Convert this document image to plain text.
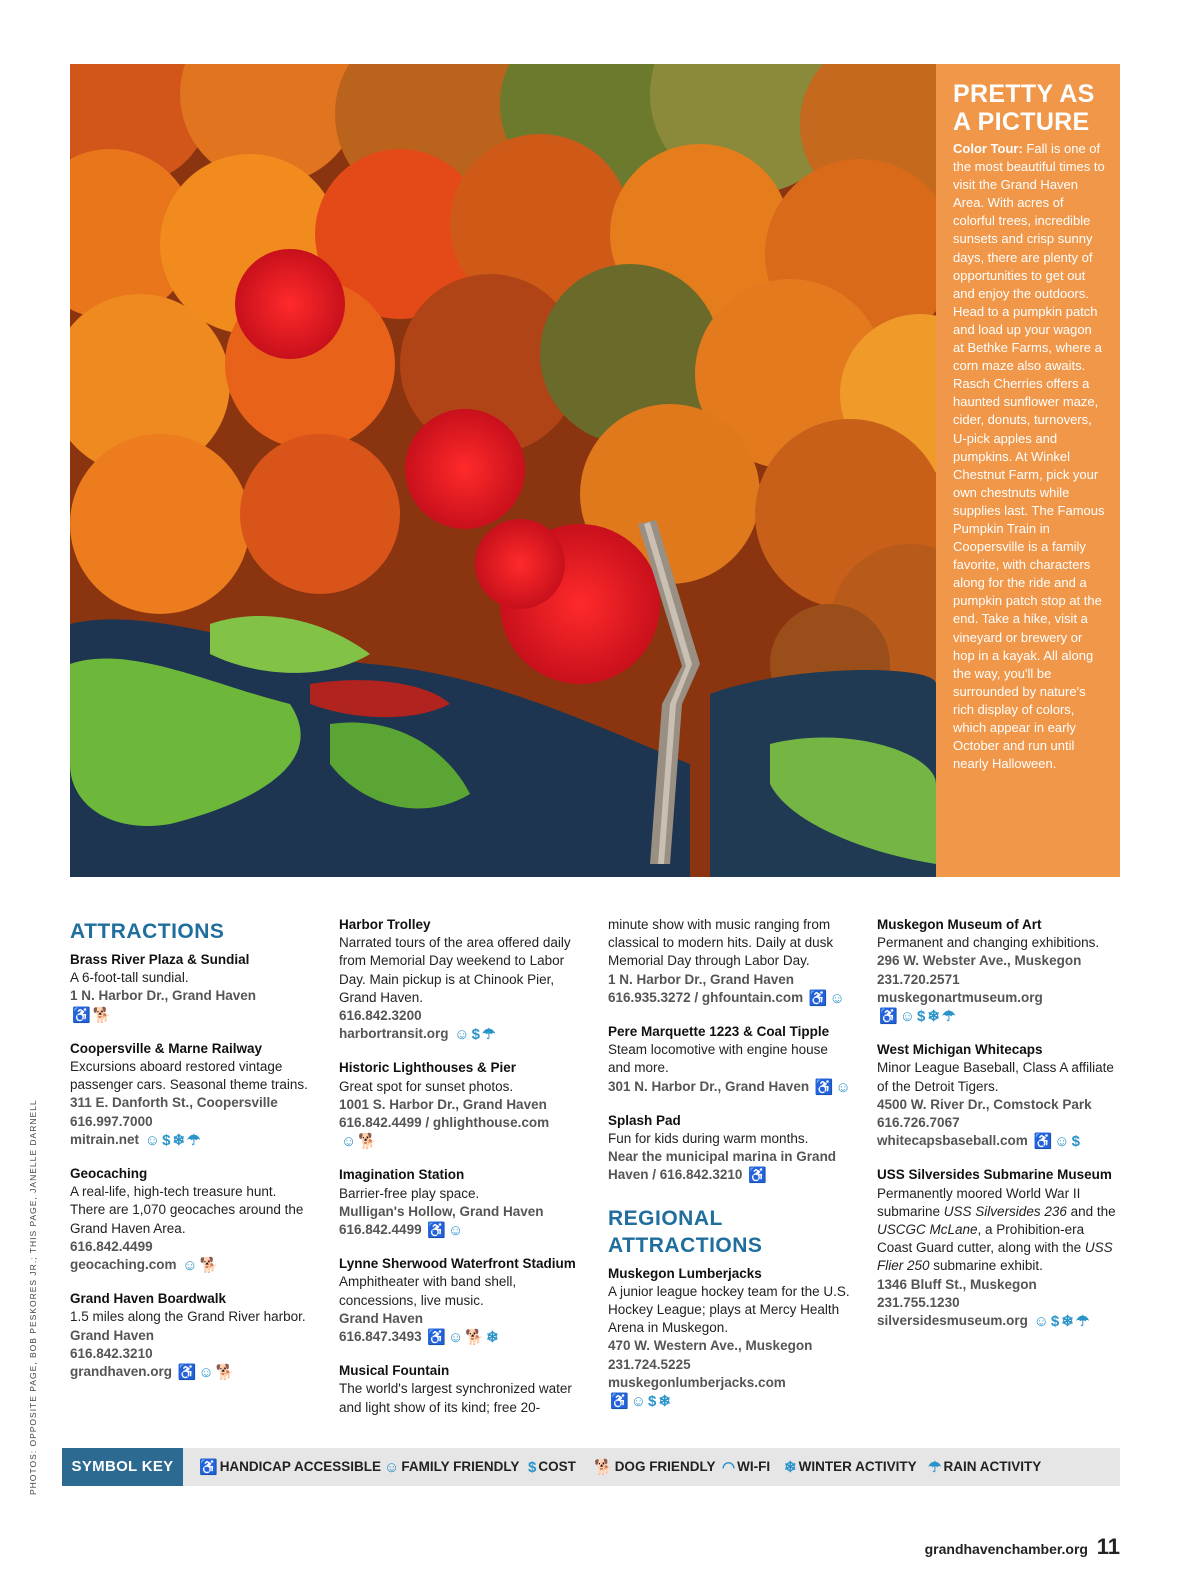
PRETTY AS A PICTURE

Color Tour: Fall is one of the most beautiful times to visit the Grand Haven Area. With acres of colorful trees, incredible sunsets and crisp sunny days, there are plenty of opportunities to get out and enjoy the outdoors. Head to a pumpkin patch and load up your wagon at Bethke Farms, where a corn maze also awaits. Rasch Cherries offers a haunted sunflower maze, cider, donuts, turnovers, U-pick apples and pumpkins. At Winkel Chestnut Farm, pick your own chestnuts while supplies last. The Famous Pumpkin Train in Coopersville is a family favorite, with characters along for the ride and a pumpkin patch stop at the end. Take a hike, visit a vineyard or brewery or hop in a kayak. All along the way, you'll be surrounded by nature's rich display of colors, which appear in early October and run until nearly Halloween.

PHOTOS: OPPOSITE PAGE, BOB PESKORES JR.; THIS PAGE, JANELLE DARNELL
ATTRACTIONS
Brass River Plaza & Sundial
A 6-foot-tall sundial.
1 N. Harbor Dr., Grand Haven
♿ 🐕
Coopersville & Marne Railway
Excursions aboard restored vintage passenger cars. Seasonal theme trains.
311 E. Danforth St., Coopersville
616.997.7000
mitrain.net ☺ $ ❄ ☂
Geocaching
A real-life, high-tech treasure hunt. There are 1,070 geocaches around the Grand Haven Area.
616.842.4499
geocaching.com ☺ 🐕
Grand Haven Boardwalk
1.5 miles along the Grand River harbor.
Grand Haven
616.842.3210
grandhaven.org ♿ ☺ 🐕
Harbor Trolley
Narrated tours of the area offered daily from Memorial Day weekend to Labor Day. Main pickup is at Chinook Pier, Grand Haven.
616.842.3200
harbortransit.org ☺ $ ☂
Historic Lighthouses & Pier
Great spot for sunset photos.
1001 S. Harbor Dr., Grand Haven
616.842.4499 / ghlighthouse.com
☺ 🐕
Imagination Station
Barrier-free play space.
Mulligan's Hollow, Grand Haven
616.842.4499 ♿ ☺
Lynne Sherwood Waterfront Stadium
Amphitheater with band shell, concessions, live music.
Grand Haven
616.847.3493 ♿ ☺ 🐕 ❄
Musical Fountain
The world's largest synchronized water and light show of its kind; free 20-
minute show with music ranging from classical to modern hits. Daily at dusk Memorial Day through Labor Day.
1 N. Harbor Dr., Grand Haven
616.935.3272 / ghfountain.com ♿ ☺
Pere Marquette 1223 & Coal Tipple
Steam locomotive with engine house and more.
301 N. Harbor Dr., Grand Haven ♿ ☺
Splash Pad
Fun for kids during warm months.
Near the municipal marina in Grand Haven / 616.842.3210 ♿
REGIONAL
ATTRACTIONS
Muskegon Lumberjacks
A junior league hockey team for the U.S. Hockey League; plays at Mercy Health Arena in Muskegon.
470 W. Western Ave., Muskegon
231.724.5225
muskegonlumberjacks.com
♿ ☺ $ ❄
Muskegon Museum of Art
Permanent and changing exhibitions.
296 W. Webster Ave., Muskegon
231.720.2571
muskegonartmuseum.org
♿ ☺ $ ❄ ☂
West Michigan Whitecaps
Minor League Baseball, Class A affiliate of the Detroit Tigers.
4500 W. River Dr., Comstock Park
616.726.7067
whitecapsbaseball.com ♿ ☺ $
USS Silversides Submarine Museum
Permanently moored World War II submarine USS Silversides 236 and the USCGC McLane, a Prohibition-era Coast Guard cutter, along with the USS Flier 250 submarine exhibit.
1346 Bluff St., Muskegon
231.755.1230
silversidesmuseum.org ☺ $ ❄ ☂
SYMBOL KEY	♿ HANDICAP ACCESSIBLE ☺ FAMILY FRIENDLY $ COST 🐕 DOG FRIENDLY ◠ WI-FI ❄ WINTER ACTIVITY ☂ RAIN ACTIVITY
grandhavenchamber.org 11
